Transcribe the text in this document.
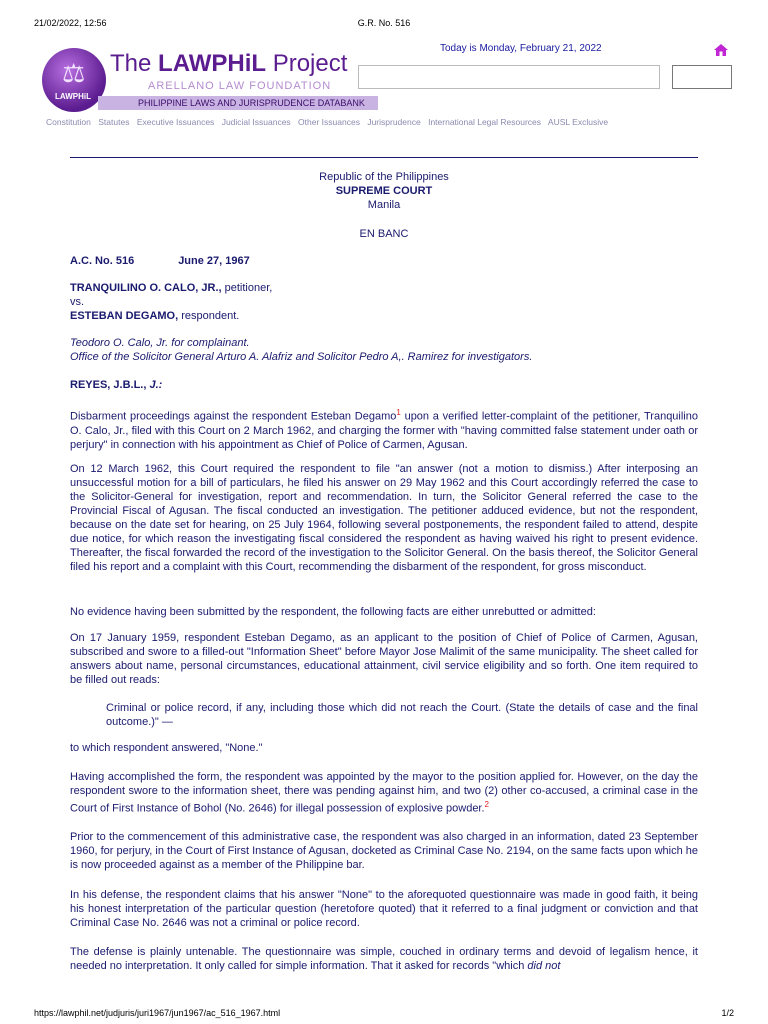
21/02/2022, 12:56	G.R. No. 516
⚖
LAWPHiL
The LAWPHiL Project
ARELLANO LAW FOUNDATION
PHILIPPINE LAWS AND JURISPRUDENCE DATABANK
Today is Monday, February 21, 2022
Constitution Statutes Executive Issuances Judicial Issuances Other Issuances Jurisprudence International Legal Resources AUSL Exclusive
Republic of the Philippines
SUPREME COURT
Manila
EN BANC
A.C. No. 516	June 27, 1967
TRANQUILINO O. CALO, JR., petitioner,
vs.
ESTEBAN DEGAMO, respondent.
Teodoro O. Calo, Jr. for complainant.
Office of the Solicitor General Arturo A. Alafriz and Solicitor Pedro A,. Ramirez for investigators.
REYES, J.B.L., J.:

Disbarment proceedings against the respondent Esteban Degamo$^1$ upon a verified letter-complaint of the petitioner, Tranquilino O. Calo, Jr., filed with this Court on 2 March 1962, and charging the former with "having committed false statement under oath or perjury" in connection with his appointment as Chief of Police of Carmen, Agusan.

On 12 March 1962, this Court required the respondent to file "an answer (not a motion to dismiss.) After interposing an unsuccessful motion for a bill of particulars, he filed his answer on 29 May 1962 and this Court accordingly referred the case to the Solicitor-General for investigation, report and recommendation. In turn, the Solicitor General referred the case to the Provincial Fiscal of Agusan. The fiscal conducted an investigation. The petitioner adduced evidence, but not the respondent, because on the date set for hearing, on 25 July 1964, following several postponements, the respondent failed to attend, despite due notice, for which reason the investigating fiscal considered the respondent as having waived his right to present evidence. Thereafter, the fiscal forwarded the record of the investigation to the Solicitor General. On the basis thereof, the Solicitor General filed his report and a complaint with this Court, recommending the disbarment of the respondent, for gross misconduct.

No evidence having been submitted by the respondent, the following facts are either unrebutted or admitted:

On 17 January 1959, respondent Esteban Degamo, as an applicant to the position of Chief of Police of Carmen, Agusan, subscribed and swore to a filled-out "Information Sheet" before Mayor Jose Malimit of the same municipality. The sheet called for answers about name, personal circumstances, educational attainment, civil service eligibility and so forth. One item required to be filled out reads:

Criminal or police record, if any, including those which did not reach the Court. (State the details of case and the final outcome.)" —

to which respondent answered, "None."

Having accomplished the form, the respondent was appointed by the mayor to the position applied for. However, on the day the respondent swore to the information sheet, there was pending against him, and two (2) other co-accused, a criminal case in the Court of First Instance of Bohol (No. 2646) for illegal possession of explosive powder.$^2$

Prior to the commencement of this administrative case, the respondent was also charged in an information, dated 23 September 1960, for perjury, in the Court of First Instance of Agusan, docketed as Criminal Case No. 2194, on the same facts upon which he is now proceeded against as a member of the Philippine bar.

In his defense, the respondent claims that his answer "None" to the aforequoted questionnaire was made in good faith, it being his honest interpretation of the particular question (heretofore quoted) that it referred to a final judgment or conviction and that Criminal Case No. 2646 was not a criminal or police record.

The defense is plainly untenable. The questionnaire was simple, couched in ordinary terms and devoid of legalism hence, it needed no interpretation. It only called for simple information. That it asked for records "which did not

https://lawphil.net/judjuris/juri1967/jun1967/ac_516_1967.html	1/2
